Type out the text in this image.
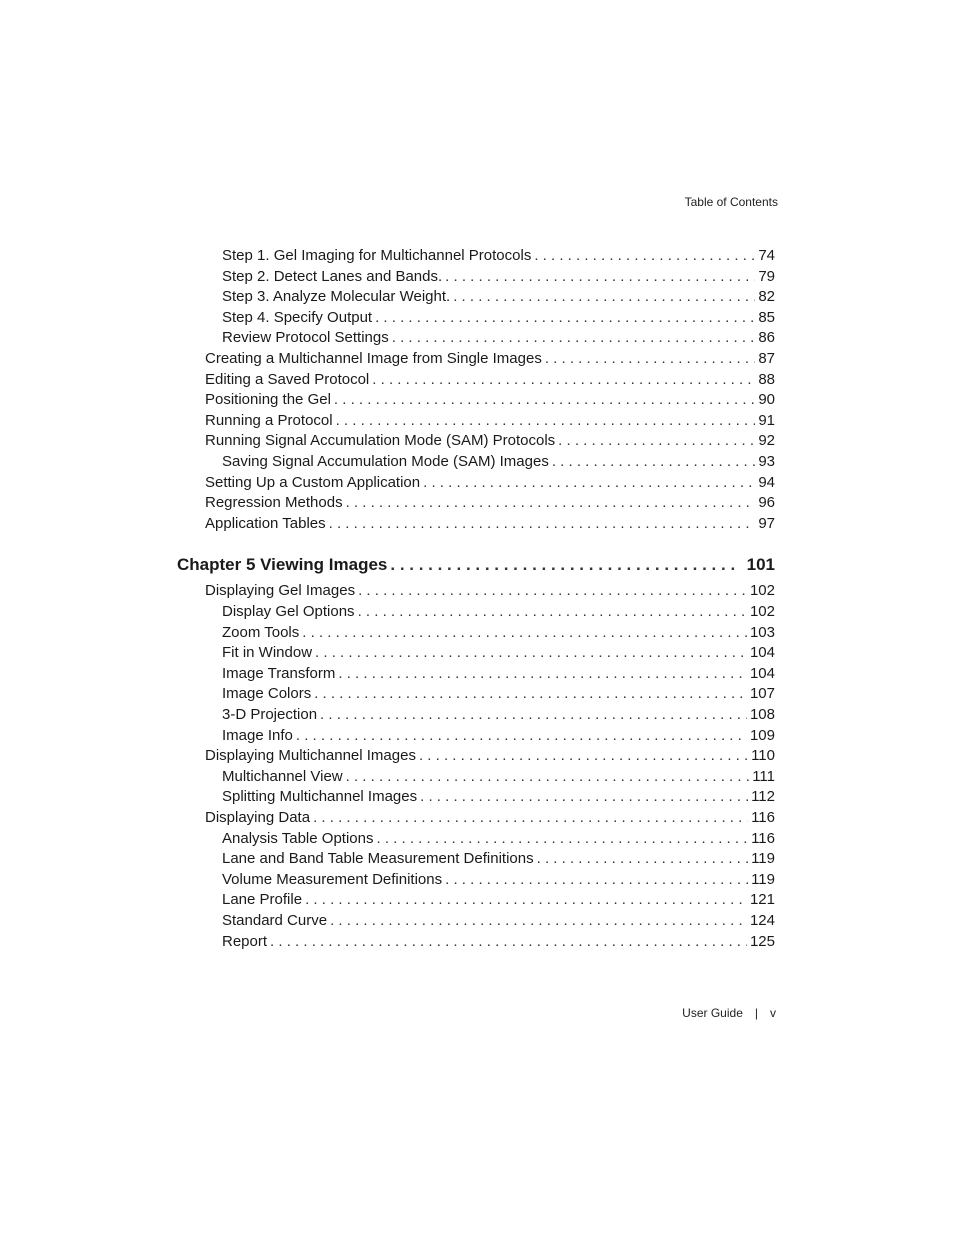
Table of Contents
Step 1. Gel Imaging for Multichannel Protocols . . .	74
Step 2. Detect Lanes and Bands. . . .	79
Step 3. Analyze Molecular Weight. . . .	82
Step 4. Specify Output . . .	85
Review Protocol Settings . . .	86
Creating a Multichannel Image from Single Images . . .	87
Editing a Saved Protocol . . .	88
Positioning the Gel . . .	90
Running a Protocol . . .	91
Running Signal Accumulation Mode (SAM) Protocols . . .	92
Saving Signal Accumulation Mode (SAM) Images . . .	93
Setting Up a Custom Application . . .	94
Regression Methods . . .	96
Application Tables . . .	97
Chapter 5 Viewing Images . . .	101
Displaying Gel Images . . .	102
Display Gel Options . . .	102
Zoom Tools . . .	103
Fit in Window . . .	104
Image Transform . . .	104
Image Colors . . .	107
3-D Projection . . .	108
Image Info . . .	109
Displaying Multichannel Images . . .	110
Multichannel View . . .	111
Splitting Multichannel Images . . .	112
Displaying Data . . .	116
Analysis Table Options . . .	116
Lane and Band Table Measurement Definitions . . .	119
Volume Measurement Definitions . . .	119
Lane Profile . . .	121
Standard Curve . . .	124
Report . . .	125
User Guide | v
